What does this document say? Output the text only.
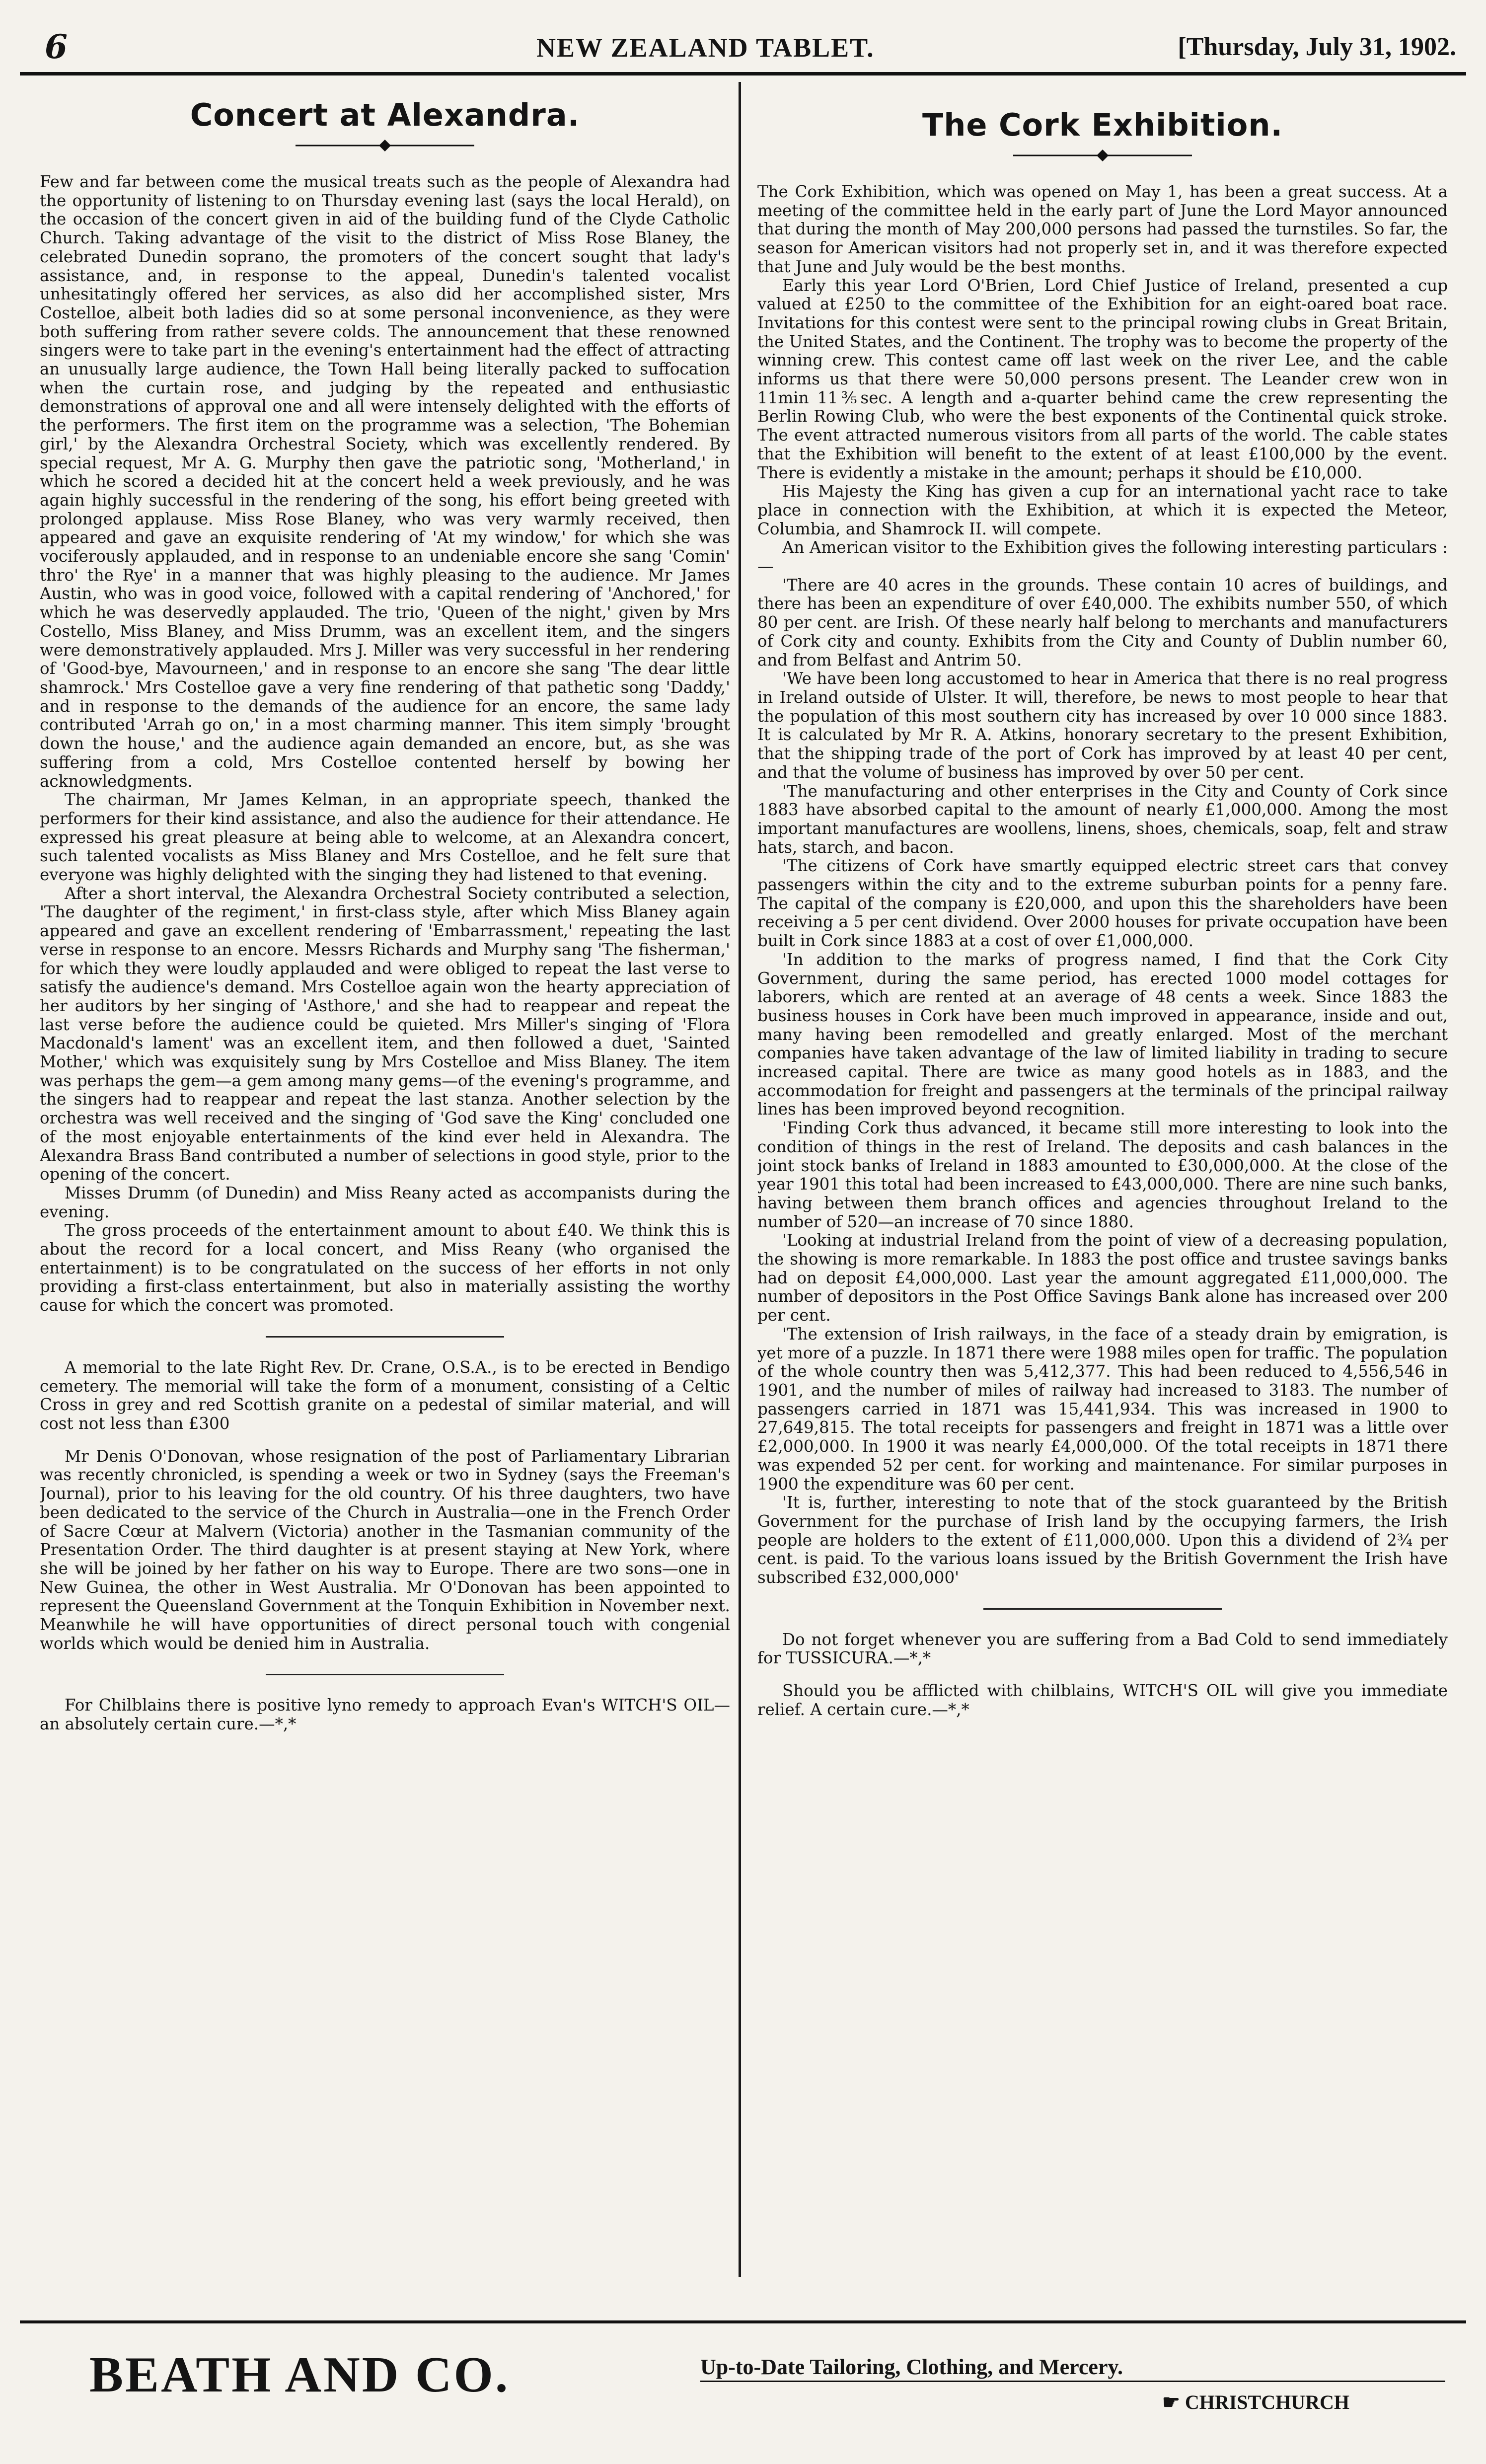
6	NEW ZEALAND TABLET.	[Thursday, July 31, 1902.
Concert at Alexandra.

Few and far between come the musical treats such as the people of Alexandra had the opportunity of listening to on Thursday evening last (says the local Herald), on the occasion of the concert given in aid of the building fund of the Clyde Catholic Church. Taking advantage of the visit to the district of Miss Rose Blaney, the celebrated Dunedin soprano, the promoters of the concert sought that lady's assistance, and, in response to the appeal, Dunedin's talented vocalist unhesitatingly offered her services, as also did her accomplished sister, Mrs Costelloe, albeit both ladies did so at some personal inconvenience, as they were both suffering from rather severe colds. The announcement that these renowned singers were to take part in the evening's entertainment had the effect of attracting an unusually large audience, the Town Hall being literally packed to suffocation when the curtain rose, and judging by the repeated and enthusiastic demonstrations of approval one and all were intensely delighted with the efforts of the performers. The first item on the programme was a selection, 'The Bohemian girl,' by the Alexandra Orchestral Society, which was excellently rendered. By special request, Mr A. G. Murphy then gave the patriotic song, 'Motherland,' in which he scored a decided hit at the concert held a week previously, and he was again highly successful in the rendering of the song, his effort being greeted with prolonged applause. Miss Rose Blaney, who was very warmly received, then appeared and gave an exquisite rendering of 'At my window,' for which she was vociferously applauded, and in response to an undeniable encore she sang 'Comin' thro' the Rye' in a manner that was highly pleasing to the audience. Mr James Austin, who was in good voice, followed with a capital rendering of 'Anchored,' for which he was deservedly applauded. The trio, 'Queen of the night,' given by Mrs Costello, Miss Blaney, and Miss Drumm, was an excellent item, and the singers were demonstratively applauded. Mrs J. Miller was very successful in her rendering of 'Good-bye, Mavourneen,' and in response to an encore she sang 'The dear little shamrock.' Mrs Costelloe gave a very fine rendering of that pathetic song 'Daddy,' and in response to the demands of the audience for an encore, the same lady contributed 'Arrah go on,' in a most charming manner. This item simply 'brought down the house,' and the audience again demanded an encore, but, as she was suffering from a cold, Mrs Costelloe contented herself by bowing her acknowledgments.

The chairman, Mr James Kelman, in an appropriate speech, thanked the performers for their kind assistance, and also the audience for their attendance. He expressed his great pleasure at being able to welcome, at an Alexandra concert, such talented vocalists as Miss Blaney and Mrs Costelloe, and he felt sure that everyone was highly delighted with the singing they had listened to that evening.

After a short interval, the Alexandra Orchestral Society contributed a selection, 'The daughter of the regiment,' in first-class style, after which Miss Blaney again appeared and gave an excellent rendering of 'Embarrassment,' repeating the last verse in response to an encore. Messrs Richards and Murphy sang 'The fisherman,' for which they were loudly applauded and were obliged to repeat the last verse to satisfy the audience's demand. Mrs Costelloe again won the hearty appreciation of her auditors by her singing of 'Asthore,' and she had to reappear and repeat the last verse before the audience could be quieted. Mrs Miller's singing of 'Flora Macdonald's lament' was an excellent item, and then followed a duet, 'Sainted Mother,' which was exquisitely sung by Mrs Costelloe and Miss Blaney. The item was perhaps the gem—a gem among many gems—of the evening's programme, and the singers had to reappear and repeat the last stanza. Another selection by the orchestra was well received and the singing of 'God save the King' concluded one of the most enjoyable entertainments of the kind ever held in Alexandra. The Alexandra Brass Band contributed a number of selections in good style, prior to the opening of the concert.

Misses Drumm (of Dunedin) and Miss Reany acted as accompanists during the evening.

The gross proceeds of the entertainment amount to about £40. We think this is about the record for a local concert, and Miss Reany (who organised the entertainment) is to be congratulated on the success of her efforts in not only providing a first-class entertainment, but also in materially assisting the worthy cause for which the concert was promoted.

A memorial to the late Right Rev. Dr. Crane, O.S.A., is to be erected in Bendigo cemetery. The memorial will take the form of a monument, consisting of a Celtic Cross in grey and red Scottish granite on a pedestal of similar material, and will cost not less than £300

Mr Denis O'Donovan, whose resignation of the post of Parliamentary Librarian was recently chronicled, is spending a week or two in Sydney (says the Freeman's Journal), prior to his leaving for the old country. Of his three daughters, two have been dedicated to the service of the Church in Australia—one in the French Order of Sacre Cœur at Malvern (Victoria) another in the Tasmanian community of the Presentation Order. The third daughter is at present staying at New York, where she will be joined by her father on his way to Europe. There are two sons—one in New Guinea, the other in West Australia. Mr O'Donovan has been appointed to represent the Queensland Government at the Tonquin Exhibition in November next. Meanwhile he will have opportunities of direct personal touch with congenial worlds which would be denied him in Australia.

For Chilblains there is positive lyno remedy to approach Evan's WITCH'S OIL—an absolutely certain cure.—*,*

The Cork Exhibition.

The Cork Exhibition, which was opened on May 1, has been a great success. At a meeting of the committee held in the early part of June the Lord Mayor announced that during the month of May 200,000 persons had passed the turnstiles. So far, the season for American visitors had not properly set in, and it was therefore expected that June and July would be the best months.

Early this year Lord O'Brien, Lord Chief Justice of Ireland, presented a cup valued at £250 to the committee of the Exhibition for an eight-oared boat race. Invitations for this contest were sent to the principal rowing clubs in Great Britain, the United States, and the Continent. The trophy was to become the property of the winning crew. This contest came off last week on the river Lee, and the cable informs us that there were 50,000 persons present. The Leander crew won in 11min 11⅗sec. A length and a-quarter behind came the crew representing the Berlin Rowing Club, who were the best exponents of the Continental quick stroke. The event attracted numerous visitors from all parts of the world. The cable states that the Exhibition will benefit to the extent of at least £100,000 by the event. There is evidently a mistake in the amount; perhaps it should be £10,000.

His Majesty the King has given a cup for an international yacht race to take place in connection with the Exhibition, at which it is expected the Meteor, Columbia, and Shamrock II. will compete.

An American visitor to the Exhibition gives the following interesting particulars :—

'There are 40 acres in the grounds. These contain 10 acres of buildings, and there has been an expenditure of over £40,000. The exhibits number 550, of which 80 per cent. are Irish. Of these nearly half belong to merchants and manufacturers of Cork city and county. Exhibits from the City and County of Dublin number 60, and from Belfast and Antrim 50.

'We have been long accustomed to hear in America that there is no real progress in Ireland outside of Ulster. It will, therefore, be news to most people to hear that the population of this most southern city has increased by over 10 000 since 1883. It is calculated by Mr R. A. Atkins, honorary secretary to the present Exhibition, that the shipping trade of the port of Cork has improved by at least 40 per cent, and that the volume of business has improved by over 50 per cent.

'The manufacturing and other enterprises in the City and County of Cork since 1883 have absorbed capital to the amount of nearly £1,000,000. Among the most important manufactures are woollens, linens, shoes, chemicals, soap, felt and straw hats, starch, and bacon.

'The citizens of Cork have smartly equipped electric street cars that convey passengers within the city and to the extreme suburban points for a penny fare. The capital of the company is £20,000, and upon this the shareholders have been receiving a 5 per cent dividend. Over 2000 houses for private occupation have been built in Cork since 1883 at a cost of over £1,000,000.

'In addition to the marks of progress named, I find that the Cork City Government, during the same period, has erected 1000 model cottages for laborers, which are rented at an average of 48 cents a week. Since 1883 the business houses in Cork have been much improved in appearance, inside and out, many having been remodelled and greatly enlarged. Most of the merchant companies have taken advantage of the law of limited liability in trading to secure increased capital. There are twice as many good hotels as in 1883, and the accommodation for freight and passengers at the terminals of the principal railway lines has been improved beyond recognition.

'Finding Cork thus advanced, it became still more interesting to look into the condition of things in the rest of Ireland. The deposits and cash balances in the joint stock banks of Ireland in 1883 amounted to £30,000,000. At the close of the year 1901 this total had been increased to £43,000,000. There are nine such banks, having between them branch offices and agencies throughout Ireland to the number of 520—an increase of 70 since 1880.

'Looking at industrial Ireland from the point of view of a decreasing population, the showing is more remarkable. In 1883 the post office and trustee savings banks had on deposit £4,000,000. Last year the amount aggregated £11,000,000. The number of depositors in the Post Office Savings Bank alone has increased over 200 per cent.

'The extension of Irish railways, in the face of a steady drain by emigration, is yet more of a puzzle. In 1871 there were 1988 miles open for traffic. The population of the whole country then was 5,412,377. This had been reduced to 4,556,546 in 1901, and the number of miles of railway had increased to 3183. The number of passengers carried in 1871 was 15,441,934. This was increased in 1900 to 27,649,815. The total receipts for passengers and freight in 1871 was a little over £2,000,000. In 1900 it was nearly £4,000,000. Of the total receipts in 1871 there was expended 52 per cent. for working and maintenance. For similar purposes in 1900 the expenditure was 60 per cent.

'It is, further, interesting to note that of the stock guaranteed by the British Government for the purchase of Irish land by the occupying farmers, the Irish people are holders to the extent of £11,000,000. Upon this a dividend of 2¾ per cent. is paid. To the various loans issued by the British Government the Irish have subscribed £32,000,000'

Do not forget whenever you are suffering from a Bad Cold to send immediately for TUSSICURA.—*,*

Should you be afflicted with chilblains, WITCH'S OIL will give you immediate relief. A certain cure.—*,*

BEATH AND CO.	Up-to-Date Tailoring, Clothing, and Mercery.
☛ CHRISTCHURCH
